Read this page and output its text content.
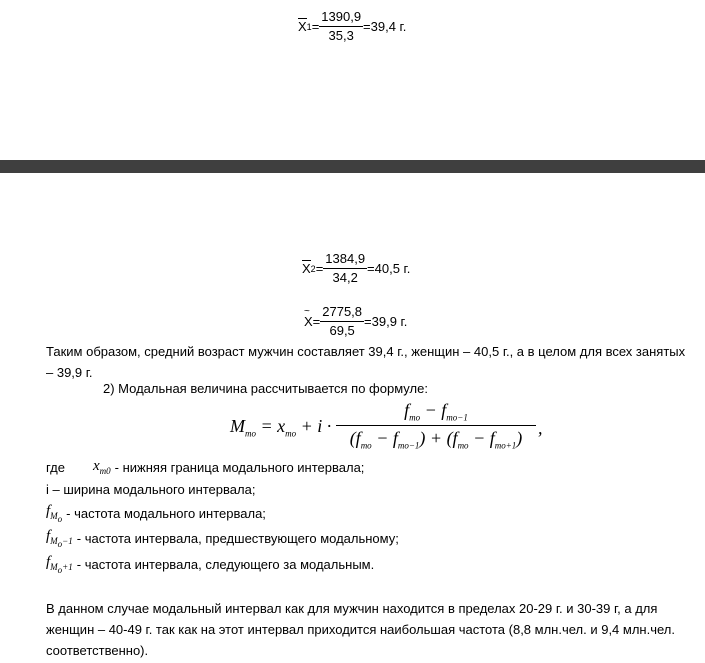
X $1 = \frac{1390,9}{35,3} =39,4$ г.
X $2 = \frac{1384,9}{34,2} =40,5$ г.
~
$X = \frac{2775,8}{69,5} =39,9$ г.
Таким образом, средний возраст мужчин составляет 39,4 г., женщин – 40,5 г., а в целом для всех занятых – 39,9 г.
2) Модальная величина рассчитывается по формуле:
$M_{mo} = x_{mo} + i$ ·
$f_{mo} - f_{mo-1}$
$(f_{mo} - f_{mo-1}) + (f_{mo} - f_{mo+1})$ ,
где $x_{m0}$ - нижняя граница модального интервала;
i – ширина модального интервала;
$f_{M_o}$ - частота модального интервала;
$f_{M_o-1}$ - частота интервала, предшествующего модальному;
$f_{M_o+1}$ - частота интервала, следующего за модальным.
В данном случае модальный интервал как для мужчин находится в пределах 20-29 г. и 30-39 г, а для женщин – 40-49 г. так как на этот интервал приходится наибольшая частота (8,8 млн.чел. и 9,4 млн.чел. соответственно).
